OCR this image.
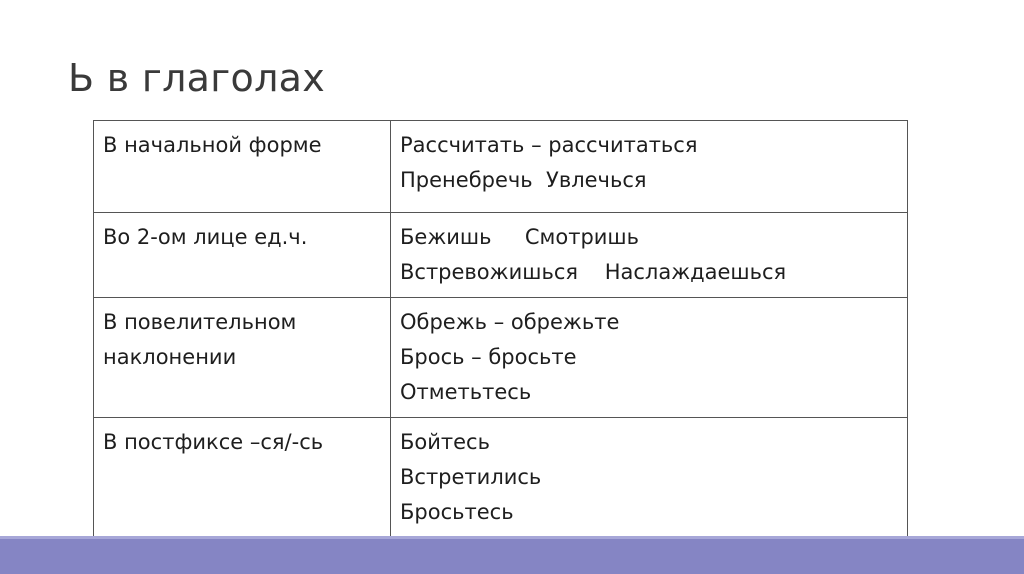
Ь в глаголах
В начальной форме	Рассчитать – рассчитаться
Пренебречь  Увлечься

Во 2-ом лице ед.ч.	Бежишь     Смотришь
Встревожишься    Наслаждаешься

В повелительном
наклонении	Обрежь – обрежьте
Брось – бросьте
Отметьтесь

В постфиксе –ся/-сь	Бойтесь
Встретились
Бросьтесь
